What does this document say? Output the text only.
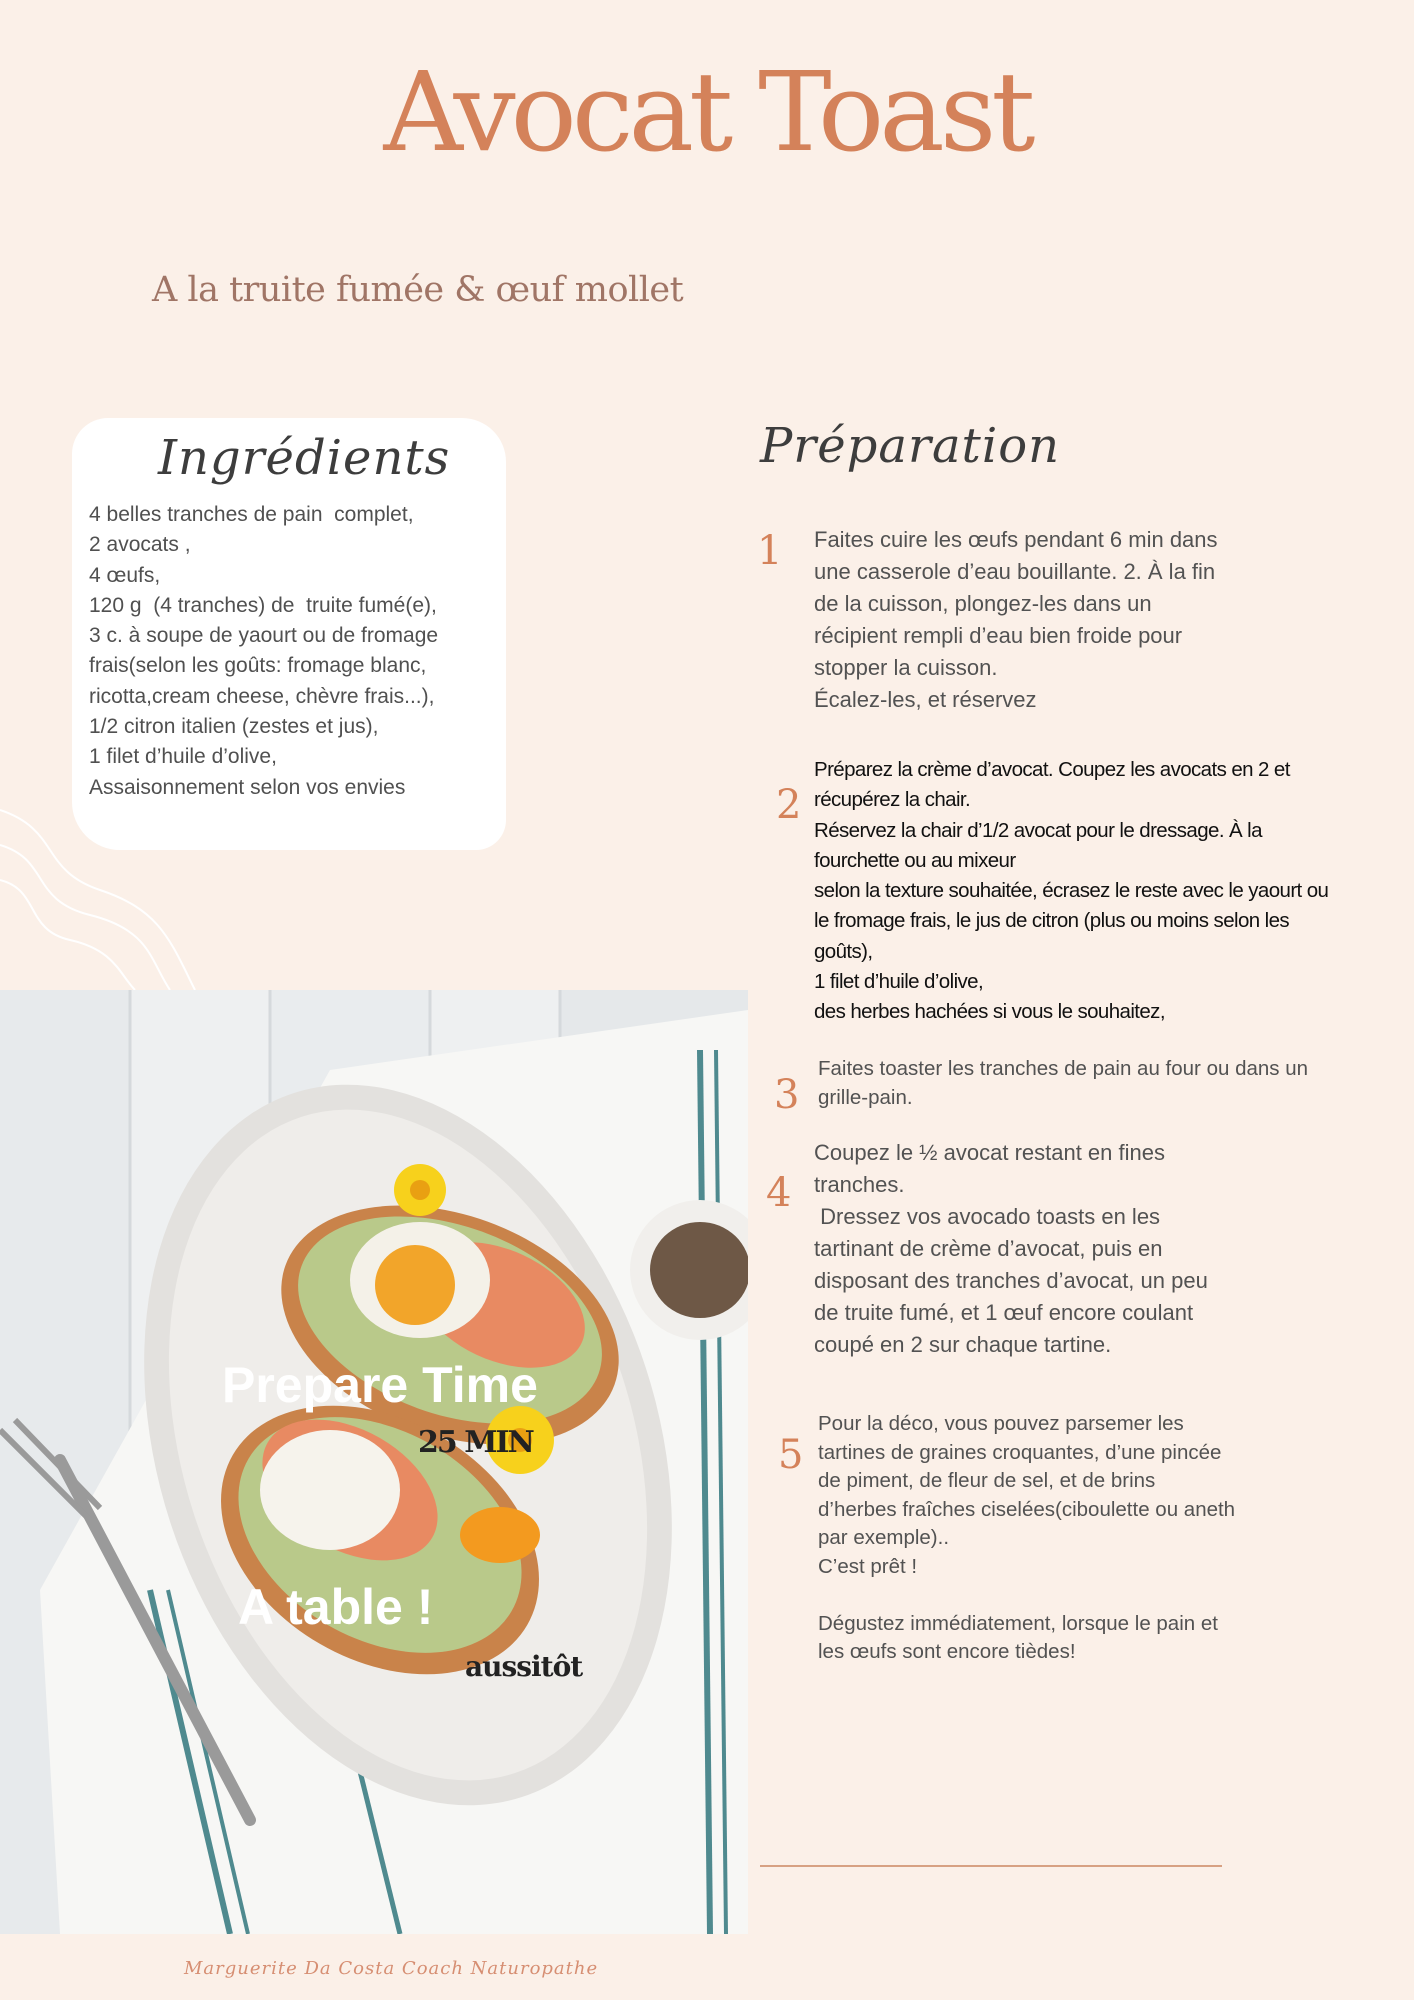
Avocat Toast
A la truite fumée & œuf mollet
Ingrédients
4 belles tranches de pain  complet,
2 avocats ,
4 œufs,
120 g  (4 tranches) de  truite fumé(e),
3 c. à soupe de yaourt ou de fromage
frais(selon les goûts: fromage blanc,
ricotta,cream cheese, chèvre frais...),
1/2 citron italien (zestes et jus),
1 filet d’huile d’olive,
Assaisonnement selon vos envies
Prepare Time
25 MIN
A table !
aussitôt
Préparation
1 Faites cuire les œufs pendant 6 min dans
une casserole d’eau bouillante. 2. À la fin
de la cuisson, plongez-les dans un
récipient rempli d’eau bien froide pour
stopper la cuisson.
Écalez-les, et réservez

2

Préparez la crème d’avocat. Coupez les avocats en 2 et
récupérez la chair.
Réservez la chair d’1/2 avocat pour le dressage. À la
fourchette ou au mixeur
selon la texture souhaitée, écrasez le reste avec le yaourt ou
le fromage frais, le jus de citron (plus ou moins selon les
goûts),
1 filet d’huile d’olive,
des herbes hachées si vous le souhaitez,

3

Faites toaster les tranches de pain au four ou dans un
grille-pain.

4

Coupez le ½ avocat restant en fines
tranches.
Dressez vos avocado toasts en les
tartinant de crème d’avocat, puis en
disposant des tranches d’avocat, un peu
de truite fumé, et 1 œuf encore coulant
coupé en 2 sur chaque tartine.

5

Pour la déco, vous pouvez parsemer les
tartines de graines croquantes, d’une pincée
de piment, de fleur de sel, et de brins
d’herbes fraîches ciselées(ciboulette ou aneth
par exemple)..
C’est prêt !

Dégustez immédiatement, lorsque le pain et
les œufs sont encore tièdes!

Marguerite Da Costa Coach Naturopathe
